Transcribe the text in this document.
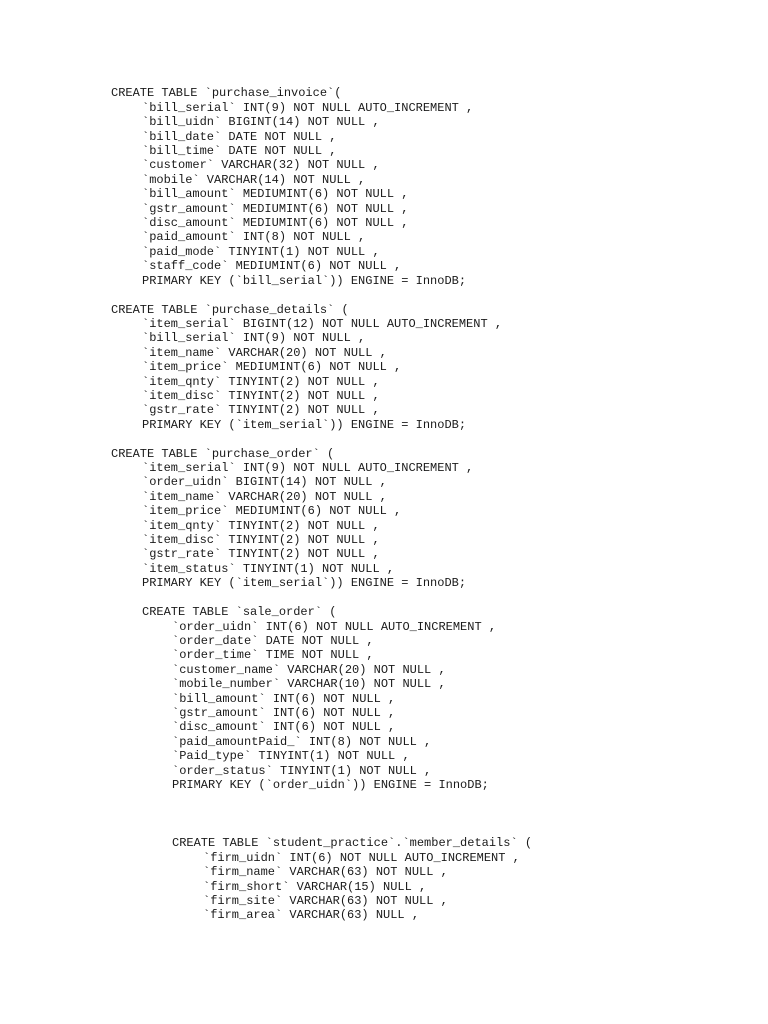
CREATE TABLE `purchase_invoice`(
`bill_serial` INT(9) NOT NULL AUTO_INCREMENT ,
`bill_uidn` BIGINT(14) NOT NULL ,
`bill_date` DATE NOT NULL ,
`bill_time` DATE NOT NULL ,
`customer` VARCHAR(32) NOT NULL ,
`mobile` VARCHAR(14) NOT NULL ,
`bill_amount` MEDIUMINT(6) NOT NULL ,
`gstr_amount` MEDIUMINT(6) NOT NULL ,
`disc_amount` MEDIUMINT(6) NOT NULL ,
`paid_amount` INT(8) NOT NULL ,
`paid_mode` TINYINT(1) NOT NULL ,
`staff_code` MEDIUMINT(6) NOT NULL ,
PRIMARY KEY (`bill_serial`)) ENGINE = InnoDB;
CREATE TABLE `purchase_details` (
`item_serial` BIGINT(12) NOT NULL AUTO_INCREMENT ,
`bill_serial` INT(9) NOT NULL ,
`item_name` VARCHAR(20) NOT NULL ,
`item_price` MEDIUMINT(6) NOT NULL ,
`item_qnty` TINYINT(2) NOT NULL ,
`item_disc` TINYINT(2) NOT NULL ,
`gstr_rate` TINYINT(2) NOT NULL ,
PRIMARY KEY (`item_serial`)) ENGINE = InnoDB;
CREATE TABLE `purchase_order` (
`item_serial` INT(9) NOT NULL AUTO_INCREMENT ,
`order_uidn` BIGINT(14) NOT NULL ,
`item_name` VARCHAR(20) NOT NULL ,
`item_price` MEDIUMINT(6) NOT NULL ,
`item_qnty` TINYINT(2) NOT NULL ,
`item_disc` TINYINT(2) NOT NULL ,
`gstr_rate` TINYINT(2) NOT NULL ,
`item_status` TINYINT(1) NOT NULL ,
PRIMARY KEY (`item_serial`)) ENGINE = InnoDB;
CREATE TABLE `sale_order` (
`order_uidn` INT(6) NOT NULL AUTO_INCREMENT ,
`order_date` DATE NOT NULL ,
`order_time` TIME NOT NULL ,
`customer_name` VARCHAR(20) NOT NULL ,
`mobile_number` VARCHAR(10) NOT NULL ,
`bill_amount` INT(6) NOT NULL ,
`gstr_amount` INT(6) NOT NULL ,
`disc_amount` INT(6) NOT NULL ,
`paid_amountPaid_` INT(8) NOT NULL ,
`Paid_type` TINYINT(1) NOT NULL ,
`order_status` TINYINT(1) NOT NULL ,
PRIMARY KEY (`order_uidn`)) ENGINE = InnoDB;
CREATE TABLE `student_practice`.`member_details` (
`firm_uidn` INT(6) NOT NULL AUTO_INCREMENT ,
`firm_name` VARCHAR(63) NOT NULL ,
`firm_short` VARCHAR(15) NULL ,
`firm_site` VARCHAR(63) NOT NULL ,
`firm_area` VARCHAR(63) NULL ,
